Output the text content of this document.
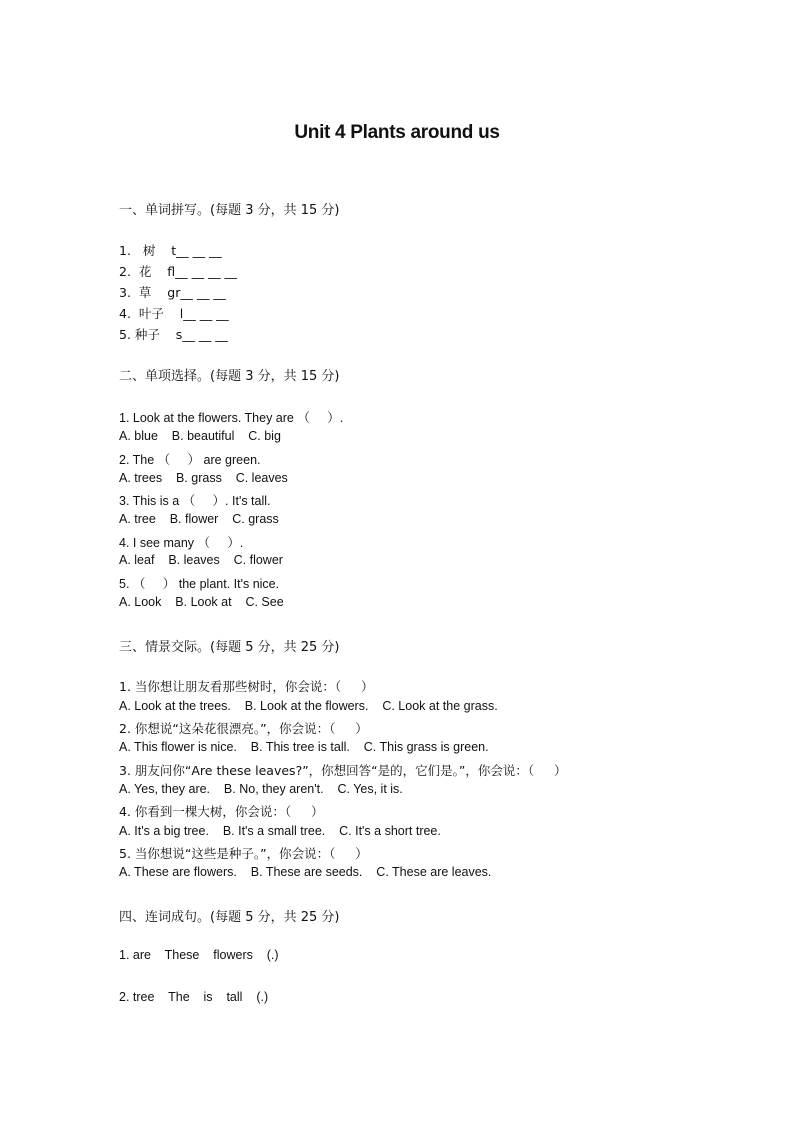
Unit 4 Plants around us
一、单词拼写。(每题 3 分，共 15 分)
1.   树    t__ __ __
2.  花    fl__ __ __ __
3.  草    gr__ __ __
4.  叶子    l__ __ __
5. 种子    s__ __ __
二、单项选择。(每题 3 分，共 15 分)
1. Look at the flowers. They are （     ）.
A. blue    B. beautiful    C. big
2. The （     ） are green.
A. trees    B. grass    C. leaves
3. This is a （     ）. It's tall.
A. tree    B. flower    C. grass
4. I see many （     ）.
A. leaf    B. leaves    C. flower
5. （     ） the plant. It's nice.
A. Look    B. Look at    C. See
三、情景交际。(每题 5 分，共 25 分)
1. 当你想让朋友看那些树时，你会说：（     ）
A. Look at the trees.    B. Look at the flowers.    C. Look at the grass.
2. 你想说“这朵花很漂亮。”，你会说：（     ）
A. This flower is nice.    B. This tree is tall.    C. This grass is green.
3. 朋友问你“Are these leaves?”，你想回答“是的，它们是。”，你会说：（     ）
A. Yes, they are.    B. No, they aren't.    C. Yes, it is.
4. 你看到一棵大树，你会说：（     ）
A. It's a big tree.    B. It's a small tree.    C. It's a short tree.
5. 当你想说“这些是种子。”，你会说：（     ）
A. These are flowers.    B. These are seeds.    C. These are leaves.
四、连词成句。(每题 5 分，共 25 分)
1. are    These    flowers    (.)
2. tree    The    is    tall    (.)
